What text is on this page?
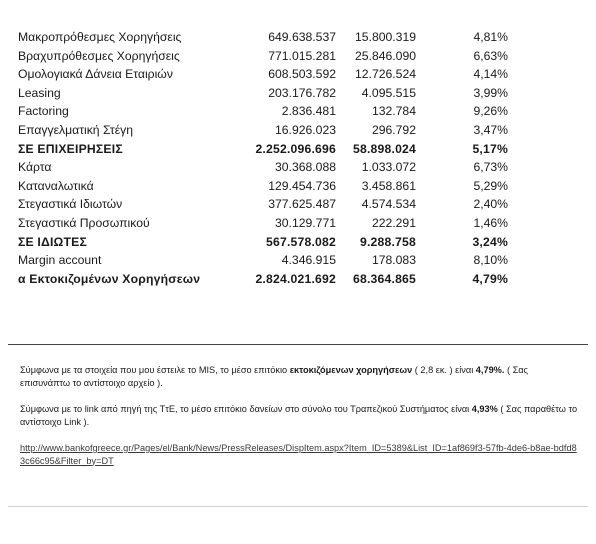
Μακροπρόθεσμες Χορηγήσεις	649.638.537 15.800.319	4,81%
Βραχυπρόθεσμες Χορηγήσεις	771.015.281 25.846.090	6,63%
Ομολογιακά Δάνεια Εταιριών	608.503.592 12.726.524	4,14%
Leasing	203.176.782 4.095.515	3,99%
Factoring	2.836.481	132.784	9,26%
Επαγγελματική Στέγη	16.926.023	296.792	3,47%
ΣΕ ΕΠΙΧΕΙΡΗΣΕΙΣ	2.252.096.696 58.898.024	5,17%
Κάρτα	30.368.088 1.033.072	6,73%
Καταναλωτικά	129.454.736 3.458.861	5,29%
Στεγαστικά Ιδιωτών	377.625.487 4.574.534	2,40%
Στεγαστικά Προσωπικού	30.129.771	222.291	1,46%
ΣΕ ΙΔΙΩΤΕΣ	567.578.082 9.288.758	3,24%
Margin account	4.346.915	178.083	8,10%
α Εκτοκιζομένων Χορηγήσεων	2.824.021.692 68.364.865	4,79%
Σύμφωνα με τα στοιχεία που μου έστειλε το MIS, το μέσο επιτόκιο εκτοκιζόμενων χορηγήσεων ( 2,8 εκ. ) είναι 4,79%. ( Σας επισυνάπτω το αντίστοιχο αρχείο ).
Σύμφωνα με το link από πηγή της ΤτΕ, το μέσο επιτόκιο δανείων στο σύνολο του Τραπεζικού Συστήματος είναι 4,93% ( Σας παραθέτω το αντίστοιχο Link ).
http://www.bankofgreece.gr/Pages/el/Bank/News/PressReleases/DispItem.aspx?Item_ID=5389&List_ID=1af869f3-57fb-4de6-b8ae-bdfd83c66c95&Filter_by=DT
